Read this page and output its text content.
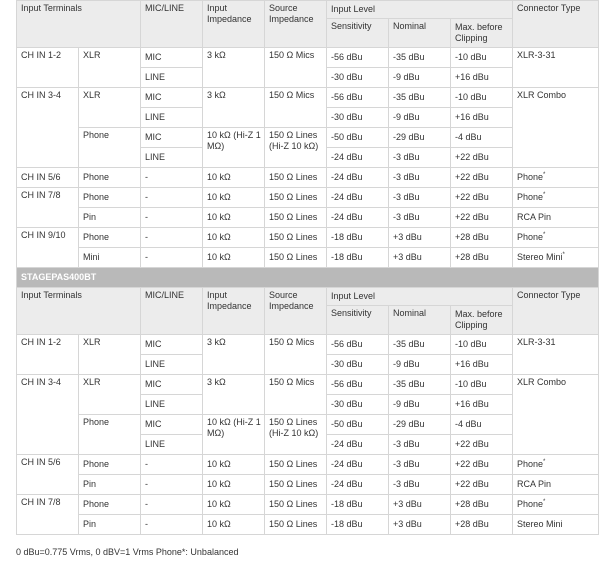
Input Terminals		MIC/LINE	Input Impedance	Source Impedance	Input Level			Connector Type
					Sensitivity	Nominal	Max. before Clipping	
CH IN 1-2	XLR	MIC	3 kΩ	150 Ω Mics	-56 dBu	-35 dBu	-10 dBu	XLR-3-31
		LINE			-30 dBu	-9 dBu	+16 dBu	
CH IN 3-4	XLR	MIC	3 kΩ	150 Ω Mics	-56 dBu	-35 dBu	-10 dBu	XLR Combo
		LINE			-30 dBu	-9 dBu	+16 dBu	
	Phone	MIC	10 kΩ (Hi-Z 1 MΩ)	150 Ω Lines (Hi-Z 10 kΩ)	-50 dBu	-29 dBu	-4 dBu	
		LINE			-24 dBu	-3 dBu	+22 dBu	
CH IN 5/6	Phone	-	10 kΩ	150 Ω Lines	-24 dBu	-3 dBu	+22 dBu	Phone*
CH IN 7/8	Phone	-	10 kΩ	150 Ω Lines	-24 dBu	-3 dBu	+22 dBu	Phone*
	Pin	-	10 kΩ	150 Ω Lines	-24 dBu	-3 dBu	+22 dBu	RCA Pin
CH IN 9/10	Phone	-	10 kΩ	150 Ω Lines	-18 dBu	+3 dBu	+28 dBu	Phone*
	Mini	-	10 kΩ	150 Ω Lines	-18 dBu	+3 dBu	+28 dBu	Stereo Mini*
STAGEPAS400BT								
Input Terminals		MIC/LINE	Input Impedance	Source Impedance	Input Level			Connector Type
					Sensitivity	Nominal	Max. before Clipping	
CH IN 1-2	XLR	MIC	3 kΩ	150 Ω Mics	-56 dBu	-35 dBu	-10 dBu	XLR-3-31
		LINE			-30 dBu	-9 dBu	+16 dBu	
CH IN 3-4	XLR	MIC	3 kΩ	150 Ω Mics	-56 dBu	-35 dBu	-10 dBu	XLR Combo
		LINE			-30 dBu	-9 dBu	+16 dBu	
	Phone	MIC	10 kΩ (Hi-Z 1 MΩ)	150 Ω Lines (Hi-Z 10 kΩ)	-50 dBu	-29 dBu	-4 dBu	
		LINE			-24 dBu	-3 dBu	+22 dBu	
CH IN 5/6	Phone	-	10 kΩ	150 Ω Lines	-24 dBu	-3 dBu	+22 dBu	Phone*
	Pin	-	10 kΩ	150 Ω Lines	-24 dBu	-3 dBu	+22 dBu	RCA Pin
CH IN 7/8	Phone	-	10 kΩ	150 Ω Lines	-18 dBu	+3 dBu	+28 dBu	Phone*
	Pin	-	10 kΩ	150 Ω Lines	-18 dBu	+3 dBu	+28 dBu	Stereo Mini
0 dBu=0.775 Vrms, 0 dBV=1 Vrms Phone*: Unbalanced
